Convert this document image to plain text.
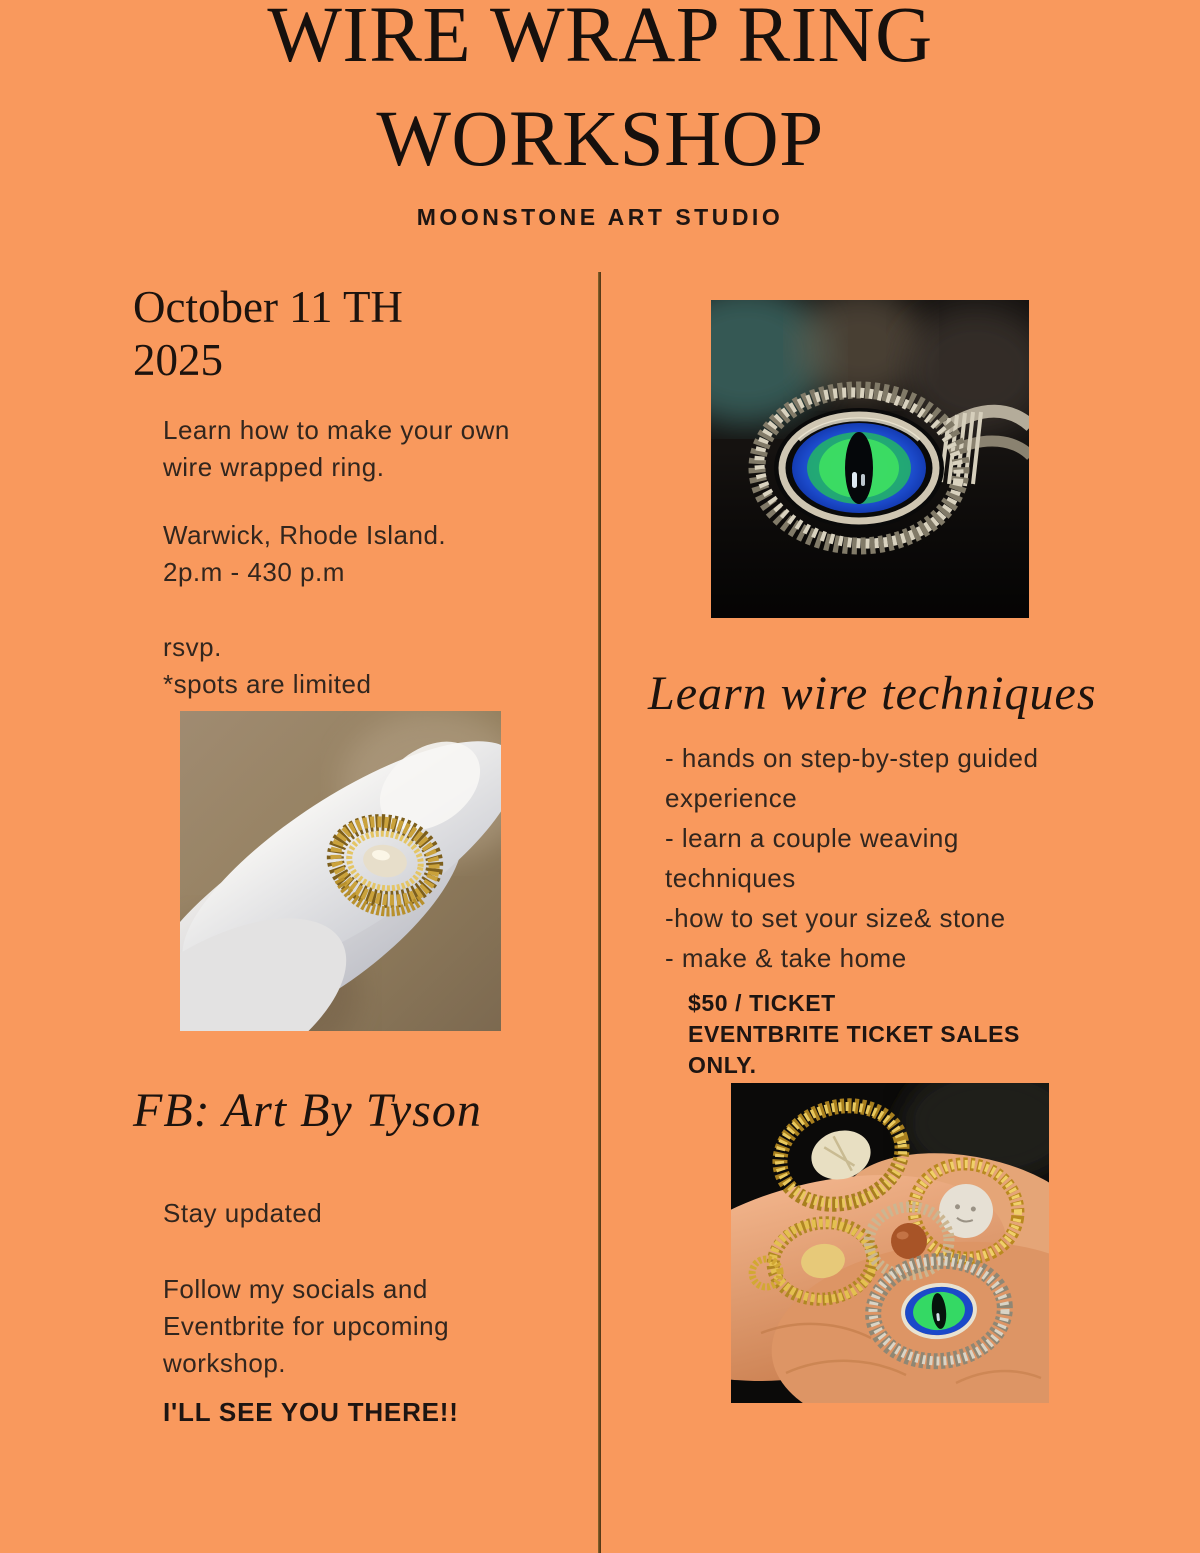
WIRE WRAP RING
WORKSHOP
MOONSTONE ART STUDIO
October 11 TH
2025
Learn how to make your own wire wrapped ring.
Warwick, Rhode Island.
2p.m - 430 p.m
rsvp.
*spots are limited
FB: Art By Tyson
Stay updated
Follow my socials and Eventbrite for upcoming workshop.
I'LL SEE YOU THERE!!
Learn wire techniques
- hands on step-by-step guided experience
- learn a couple weaving techniques
-how to set your size& stone
- make & take home
$50 / TICKET
EVENTBRITE TICKET SALES ONLY.
